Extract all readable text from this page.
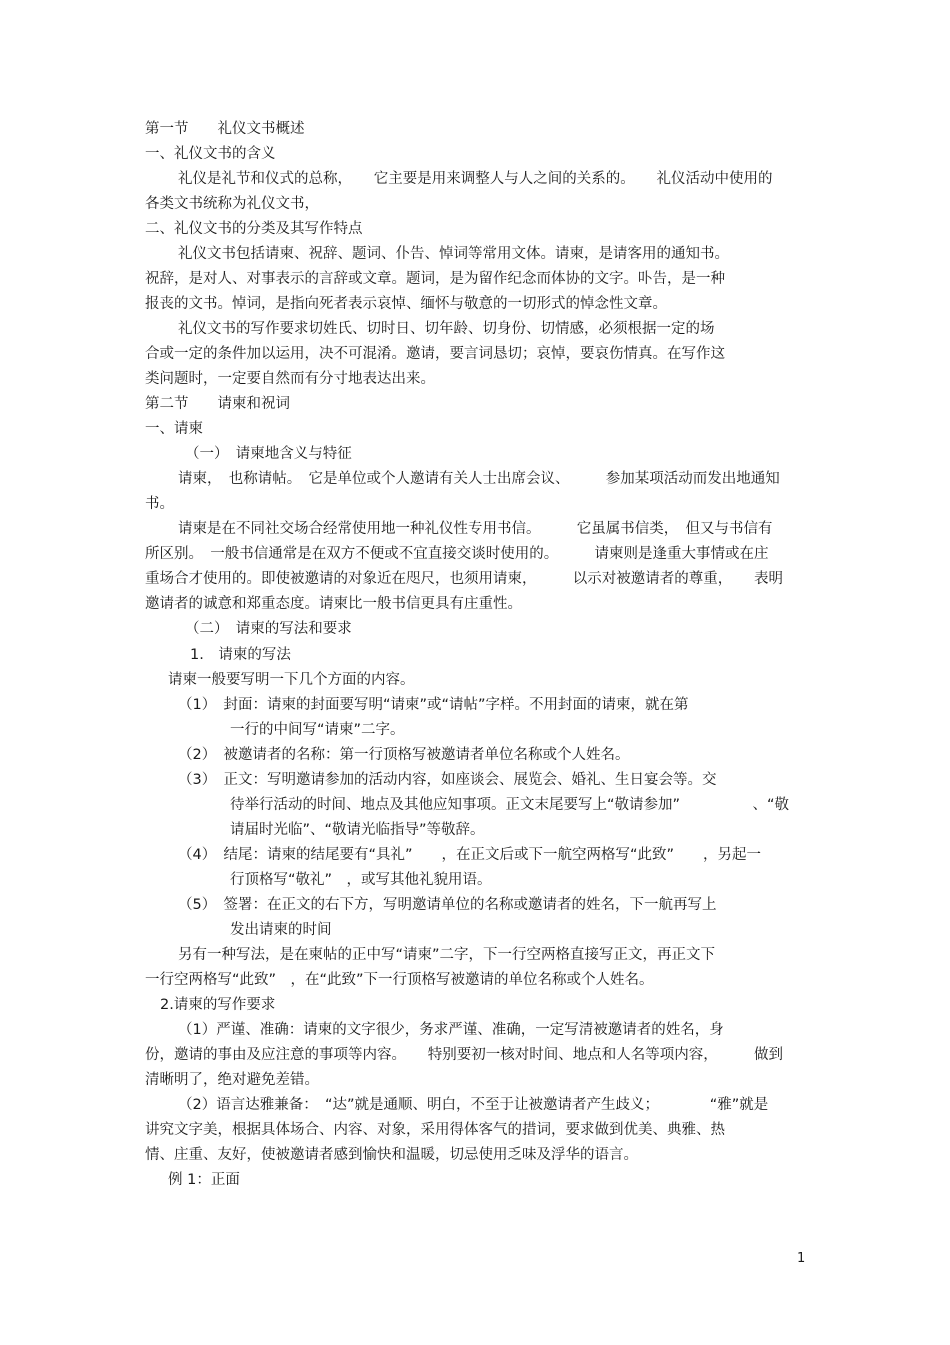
第一节　　礼仪文书概述
一、礼仪文书的含义
礼仪是礼节和仪式的总称，　　它主要是用来调整人与人之间的关系的。　　礼仪活动中使用的
各类文书统称为礼仪文书，
二、礼仪文书的分类及其写作特点
礼仪文书包括请柬、祝辞、题词、仆告、悼词等常用文体。请柬，是请客用的通知书。
祝辞，是对人、对事表示的言辞或文章。题词，是为留作纪念而体协的文字。卟告，是一种
报丧的文书。悼词，是指向死者表示哀悼、缅怀与敬意的一切形式的悼念性文章。
礼仪文书的写作要求切姓氏、切时日、切年龄、切身份、切情感，必须根据一定的场
合或一定的条件加以运用，决不可混淆。邀请，要言词恳切；哀悼，要哀伤情真。在写作这
类问题时，一定要自然而有分寸地表达出来。
第二节　　请柬和祝词
一、请柬
（一）　请柬地含义与特征
请柬，　也称请帖。　它是单位或个人邀请有关人士出席会议、　　　参加某项活动而发出地通知
书。
请柬是在不同社交场合经常使用地一种礼仪性专用书信。　　　它虽属书信类，　但又与书信有
所区别。　一般书信通常是在双方不便或不宜直接交谈时使用的。　　　请柬则是逢重大事情或在庄
重场合才使用的。即使被邀请的对象近在咫尺，也须用请柬，　　　以示对被邀请者的尊重，　　表明
邀请者的诚意和郑重态度。请柬比一般书信更具有庄重性。
（二）　请柬的写法和要求
1.　请柬的写法
请柬一般要写明一下几个方面的内容。
（1）　封面：请柬的封面要写明“请柬”或“请帖”字样。不用封面的请柬，就在第
一行的中间写“请柬”二字。
（2）　被邀请者的名称：第一行顶格写被邀请者单位名称或个人姓名。
（3）　正文：写明邀请参加的活动内容，如座谈会、展览会、婚礼、生日宴会等。交
待举行活动的时间、地点及其他应知事项。正文末尾要写上“敬请参加”　　　　　、“敬
请届时光临”、“敬请光临指导”等敬辞。
（4）　结尾：请柬的结尾要有“具礼”　　，在正文后或下一航空两格写“此致”　　，另起一
行顶格写“敬礼”　，或写其他礼貌用语。
（5）　签署：在正文的右下方，写明邀请单位的名称或邀请者的姓名，下一航再写上
发出请柬的时间
另有一种写法，是在柬帖的正中写“请柬”二字，下一行空两格直接写正文，再正文下
一行空两格写“此致”　，在“此致”下一行顶格写被邀请的单位名称或个人姓名。
2.请柬的写作要求
（1）严谨、准确：请柬的文字很少，务求严谨、准确，一定写清被邀请者的姓名，身
份，邀请的事由及应注意的事项等内容。　　特别要初一核对时间、地点和人名等项内容，　　　做到
清晰明了，绝对避免差错。
（2）语言达雅兼备：　“达”就是通顺、明白，不至于让被邀请者产生歧义；　　　　“雅”就是
讲究文字美，根据具体场合、内容、对象，采用得体客气的措词，要求做到优美、典雅、热
情、庄重、友好，使被邀请者感到愉快和温暖，切忌使用乏味及浮华的语言。
例 1：正面
1
